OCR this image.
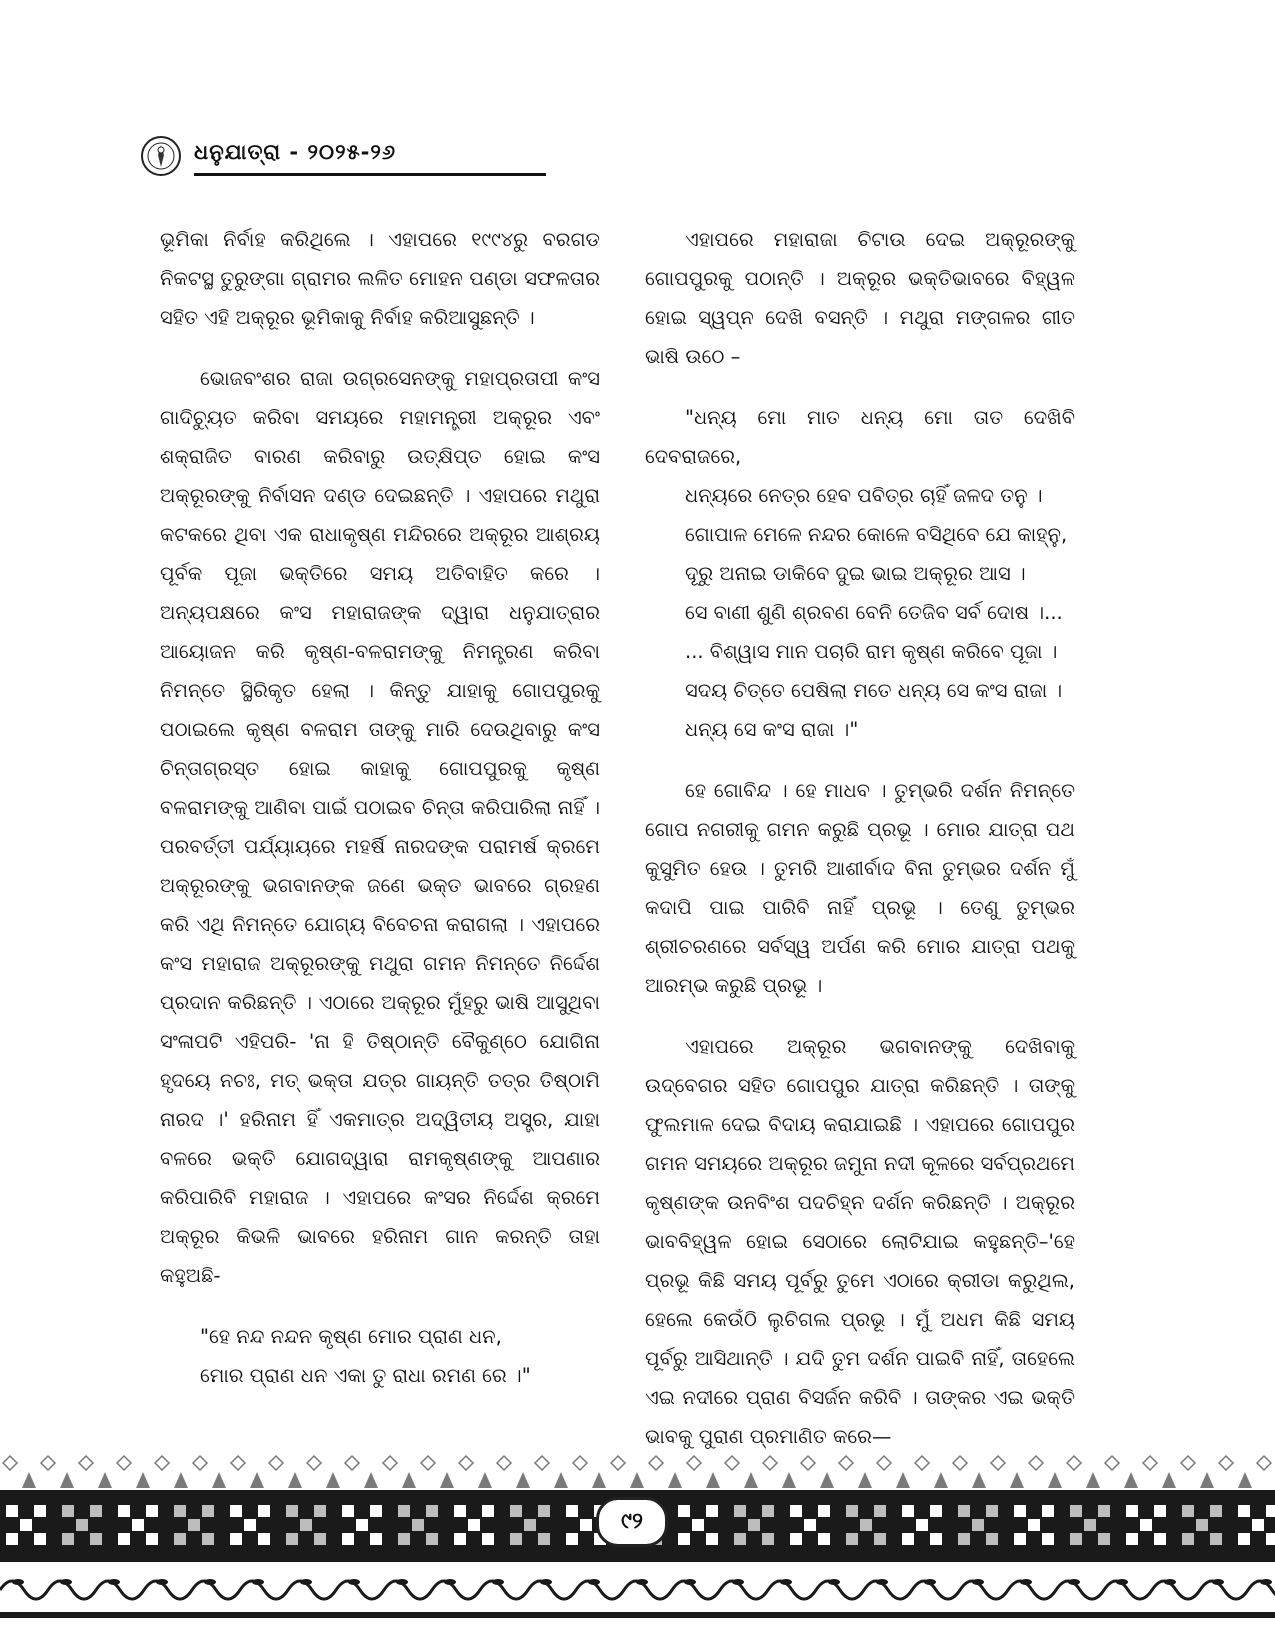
ଧନୁଯାତ୍ରା - ୨୦୨୫-୨୬

ଭୂମିକା ନିର୍ବାହ କରିଥିଲେ । ଏହାପରେ ୧୯୯୪ରୁ ବରଗଡ ନିକଟସ୍ଥ ତୁରୁଙ୍ଗା ଗ୍ରାମର ଲଳିତ ମୋହନ ପଣ୍ଡା ସଫଳତାର ସହିତ ଏହି ଅକ୍ରୂର ଭୂମିକାକୁ ନିର୍ବାହ କରିଆସୁଛନ୍ତି ।

ଭୋଜବଂଶର ରାଜା ଉଗ୍ରସେନଙ୍କୁ ମହାପ୍ରତାପୀ କଂସ ଗାଦିଚ୍ୟୁତ କରିବା ସମୟରେ ମହାମନ୍ତ୍ରୀ ଅକ୍ରୂର ଏବଂ ଶକ୍ରାଜିତ ବାରଣ କରିବାରୁ ଉତ୍କ୍ଷିପ୍ତ ହୋଇ କଂସ ଅକ୍ରୂରଙ୍କୁ ନିର୍ବାସନ ଦଣ୍ଡ ଦେଇଛନ୍ତି । ଏହାପରେ ମଥୁରା କଟକରେ ଥିବା ଏକ ରାଧାକୃଷ୍ଣ ମନ୍ଦିରରେ ଅକ୍ରୂର ଆଶ୍ରୟ ପୂର୍ବକ ପୂଜା ଭକ୍ତିରେ ସମୟ ଅତିବାହିତ କରେ । ଅନ୍ୟପକ୍ଷରେ କଂସ ମହାରାଜଙ୍କ ଦ୍ୱାରା ଧନୁଯାତ୍ରାର ଆୟୋଜନ କରି କୃଷ୍ଣ-ବଳରାମଙ୍କୁ ନିମନ୍ତ୍ରଣ କରିବା ନିମନ୍ତେ ସ୍ଥିରିକୃତ ହେଲା । କିନ୍ତୁ ଯାହାକୁ ଗୋପପୁରକୁ ପଠାଇଲେ କୃଷ୍ଣ ବଳରାମ ତାଙ୍କୁ ମାରି ଦେଉଥିବାରୁ କଂସ ଚିନ୍ତାଗ୍ରସ୍ତ ହୋଇ କାହାକୁ ଗୋପପୁରକୁ କୃଷ୍ଣ ବଳରାମଙ୍କୁ ଆଣିବା ପାଇଁ ପଠାଇବ ଚିନ୍ତା କରିପାରିଲା ନାହିଁ । ପରବର୍ତ୍ତୀ ପର୍ଯ୍ୟାୟରେ ମହର୍ଷି ନାରଦଙ୍କ ପରାମର୍ଷ କ୍ରମେ ଅକ୍ରୂରଙ୍କୁ ଭଗବାନଙ୍କ ଜଣେ ଭକ୍ତ ଭାବରେ ଗ୍ରହଣ କରି ଏଥି ନିମନ୍ତେ ଯୋଗ୍ୟ ବିବେଚନା କରାଗଲା । ଏହାପରେ କଂସ ମହାରାଜ ଅକ୍ରୂରଙ୍କୁ ମଥୁରା ଗମନ ନିମନ୍ତେ ନିର୍ଦ୍ଦେଶ ପ୍ରଦାନ କରିଛନ୍ତି । ଏଠାରେ ଅକ୍ରୂର ମୁଁହରୁ ଭାଷି ଆସୁଥିବା ସଂଳାପଟି ଏହିପରି- 'ନା ହି ତିଷ୍ଠାନ୍ତି ବୈକୁଣ୍ଠେ ଯୋଗିନା ହୃଦୟେ ନଚଃ, ମତ୍ ଭକ୍ତା ଯତ୍ର ଗାୟନ୍ତି ତତ୍ର ତିଷ୍ଠାମି ନାରଦ ।' ହରିନାମ ହିଁ ଏକମାତ୍ର ଅଦ୍ୱିତୀୟ ଅସ୍ତ୍ର, ଯାହା ବଳରେ ଭକ୍ତି ଯୋଗଦ୍ୱାରା ରାମକୃଷ୍ଣଙ୍କୁ ଆପଣାର କରିପାରିବି ମହାରାଜ । ଏହାପରେ କଂସର ନିର୍ଦ୍ଦେଶ କ୍ରମେ ଅକ୍ରୂର କିଭଳି ଭାବରେ ହରିନାମ ଗାନ କରନ୍ତି ତାହା କହୁଅଛି-

"ହେ ନନ୍ଦ ନନ୍ଦନ କୃଷ୍ଣ ମୋର ପ୍ରାଣ ଧନ,
ମୋର ପ୍ରାଣ ଧନ ଏକା ତୁ ରାଧା ରମଣ ରେ ।"

ଏହାପରେ ମହାରାଜା ଚିଟାଉ ଦେଇ ଅକ୍ରୂରଙ୍କୁ ଗୋପପୁରକୁ ପଠାନ୍ତି । ଅକ୍ରୂର ଭକ୍ତିଭାବରେ ବିହ୍ୱଳ ହୋଇ ସ୍ୱପ୍ନ ଦେଖି ବସନ୍ତି । ମଥୁରା ମଙ୍ଗଳର ଗୀତ ଭାଷି ଉଠେ –

"ଧନ୍ୟ ମୋ ମାତ ଧନ୍ୟ ମୋ ତାତ ଦେଖିବି ଦେବରାଜରେ,

ଧନ୍ୟରେ ନେତ୍ର ହେବ ପବିତ୍ର ଚାହିଁ ଜଳଦ ତନୁ ।
ଗୋପାଳ ମେଳେ ନନ୍ଦର କୋଳେ ବସିଥିବେ ଯେ କାହ୍ନୁ,
ଦୂରୁ ଅନାଇ ଡାକିବେ ଦୁଇ ଭାଇ ଅକ୍ରୂର ଆସ ।
ସେ ବାଣୀ ଶୁଣି ଶ୍ରବଣ ବେନି ତେଜିବ ସର୍ବ ଦୋଷ ।...
... ବିଶ୍ୱାସ ମାନ ପଚାରି ରାମ କୃଷ୍ଣ କରିବେ ପୂଜା ।
ସଦୟ ଚିତ୍ତେ ପେଷିଲା ମତେ ଧନ୍ୟ ସେ କଂସ ରାଜା ।
ଧନ୍ୟ ସେ କଂସ ରାଜା ।"

ହେ ଗୋବିନ୍ଦ । ହେ ମାଧବ । ତୁମ୍ଭରି ଦର୍ଶନ ନିମନ୍ତେ ଗୋପ ନଗରୀକୁ ଗମନ କରୁଛି ପ୍ରଭୂ । ମୋର ଯାତ୍ରା ପଥ କୁସୁମିତ ହେଉ । ତୁମରି ଆଶୀର୍ବାଦ ବିନା ତୁମ୍ଭର ଦର୍ଶନ ମୁଁ କଦାପି ପାଇ ପାରିବି ନାହିଁ ପ୍ରଭୂ । ତେଣୁ ତୁମ୍ଭର ଶ୍ରୀଚରଣରେ ସର୍ବସ୍ୱ ଅର୍ପଣ କରି ମୋର ଯାତ୍ରା ପଥକୁ ଆରମ୍ଭ କରୁଛି ପ୍ରଭୂ ।

ଏହାପରେ ଅକ୍ରୂର ଭଗବାନଙ୍କୁ ଦେଖିବାକୁ ଉଦ୍‌ବେଗର ସହିତ ଗୋପପୁର ଯାତ୍ରା କରିଛନ୍ତି । ତାଙ୍କୁ ଫୁଲମାଳ ଦେଇ ବିଦାୟ କରାଯାଇଛି । ଏହାପରେ ଗୋପପୁର ଗମନ ସମୟରେ ଅକ୍ରୂର ଜମୁନା ନଦୀ କୂଳରେ ସର୍ବପ୍ରଥମେ କୃଷ୍ଣଙ୍କ ଉନବିଂଶ ପଦଚିହ୍ନ ଦର୍ଶନ କରିଛନ୍ତି । ଅକ୍ରୂର ଭାବବିହ୍ୱଳ ହୋଇ ସେଠାରେ ଲୋଟିଯାଇ କହୁଛନ୍ତି–'ହେ ପ୍ରଭୂ କିଛି ସମୟ ପୂର୍ବରୁ ତୁମେ ଏଠାରେ କ୍ରୀଡା କରୁଥିଲ, ହେଲେ କେଉଁଠି ଲୁଚିଗଲ ପ୍ରଭୂ । ମୁଁ ଅଧମ କିଛି ସମୟ ପୂର୍ବରୁ ଆସିଥାନ୍ତି । ଯଦି ତୁମ ଦର୍ଶନ ପାଇବି ନାହିଁ, ତାହେଲେ ଏଇ ନଦୀରେ ପ୍ରାଣ ବିସର୍ଜନ କରିବି । ତାଙ୍କର ଏଇ ଭକ୍ତି ଭାବକୁ ପୁରାଣ ପ୍ରମାଣିତ କରେ—

୯୨
